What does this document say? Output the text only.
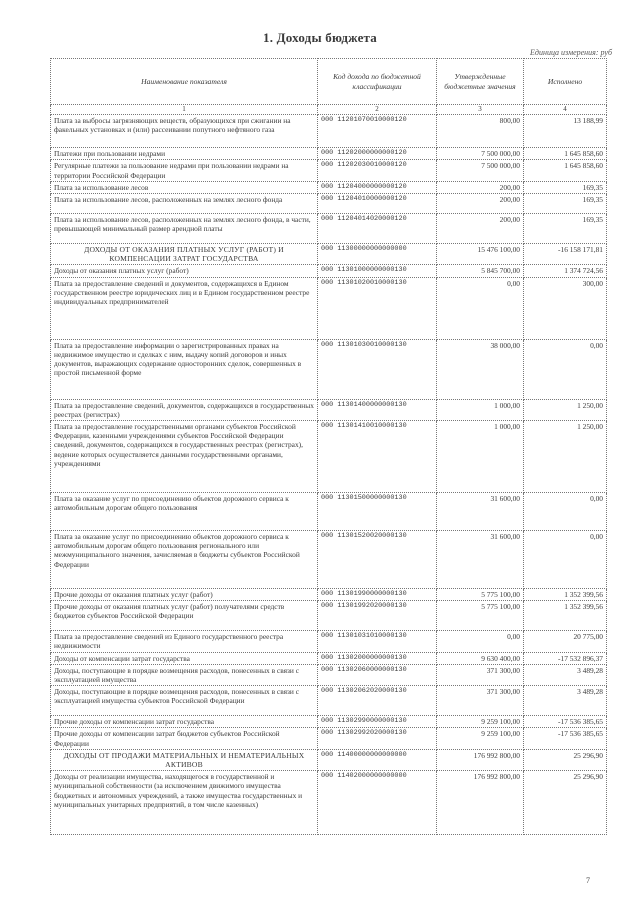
1. Доходы бюджета
Единица измерения: руб
Наименование показателя	Код дохода по бюджетной классификации	Утвержденные бюджетные значения	Исполнено
1	2	3	4
Плата за выбросы загрязняющих веществ, образующихся при сжигании на факельных установках и (или) рассеивании попутного нефтяного газа	000 11201070010000120	800,00	13 188,99
Платежи при пользовании недрами	000 11202000000000120	7 500 000,00	1 645 858,60
Регулярные платежи за пользование недрами при пользовании недрами на территории Российской Федерации	000 11202030010000120	7 500 000,00	1 645 858,60
Плата за использование лесов	000 11204000000000120	200,00	169,35
Плата за использование лесов, расположенных на землях лесного фонда	000 11204010000000120	200,00	169,35
Плата за использование лесов, расположенных на землях лесного фонда, в части, превышающей минимальный размер арендной платы	000 11204014020000120	200,00	169,35
ДОХОДЫ ОТ ОКАЗАНИЯ ПЛАТНЫХ УСЛУГ (РАБОТ) И КОМПЕНСАЦИИ ЗАТРАТ ГОСУДАРСТВА	000 11300000000000000	15 476 100,00	-16 158 171,81
Доходы от оказания платных услуг (работ)	000 11301000000000130	5 845 700,00	1 374 724,56
Плата за предоставление сведений и документов, содержащихся в Едином государственном реестре юридических лиц и в Едином государственном реестре индивидуальных предпринимателей	000 11301020010000130	0,00	300,00
Плата за предоставление информации о зарегистрированных правах на недвижимое имущество и сделках с ним, выдачу копий договоров и иных документов, выражающих содержание односторонних сделок, совершенных в простой письменной форме	000 11301030010000130	38 000,00	0,00
Плата за предоставление сведений, документов, содержащихся в государственных реестрах (регистрах)	000 11301400000000130	1 000,00	1 250,00
Плата за предоставление государственными органами субъектов Российской Федерации, казенными учреждениями субъектов Российской Федерации сведений, документов, содержащихся в государственных реестрах (регистрах), ведение которых осуществляется данными государственными органами, учреждениями	000 11301410010000130	1 000,00	1 250,00
Плата за оказание услуг по присоединению объектов дорожного сервиса к автомобильным дорогам общего пользования	000 11301500000000130	31 600,00	0,00
Плата за оказание услуг по присоединению объектов дорожного сервиса к автомобильным дорогам общего пользования регионального или межмуниципального значения, зачисляемая в бюджеты субъектов Российской Федерации	000 11301520020000130	31 600,00	0,00
Прочие доходы от оказания платных услуг (работ)	000 11301990000000130	5 775 100,00	1 352 399,56
Прочие доходы от оказания платных услуг (работ) получателями средств бюджетов субъектов Российской Федерации	000 11301992020000130	5 775 100,00	1 352 399,56
Плата за предоставление сведений из Единого государственного реестра недвижимости	000 11301031010000130	0,00	20 775,00
Доходы от компенсации затрат государства	000 11302000000000130	9 630 400,00	-17 532 896,37
Доходы, поступающие в порядке возмещения расходов, понесенных в связи с эксплуатацией имущества	000 11302060000000130	371 300,00	3 489,28
Доходы, поступающие в порядке возмещения расходов, понесенных в связи с эксплуатацией имущества субъектов Российской Федерации	000 11302062020000130	371 300,00	3 489,28
Прочие доходы от компенсации затрат государства	000 11302990000000130	9 259 100,00	-17 536 385,65
Прочие доходы от компенсации затрат бюджетов субъектов Российской Федерации	000 11302992020000130	9 259 100,00	-17 536 385,65
ДОХОДЫ ОТ ПРОДАЖИ МАТЕРИАЛЬНЫХ И НЕМАТЕРИАЛЬНЫХ АКТИВОВ	000 11400000000000000	176 992 800,00	25 296,90
Доходы от реализации имущества, находящегося в государственной и муниципальной собственности (за исключением движимого имущества бюджетных и автономных учреждений, а также имущества государственных и муниципальных унитарных предприятий, в том числе казенных)	000 11402000000000000	176 992 800,00	25 296,90
7
